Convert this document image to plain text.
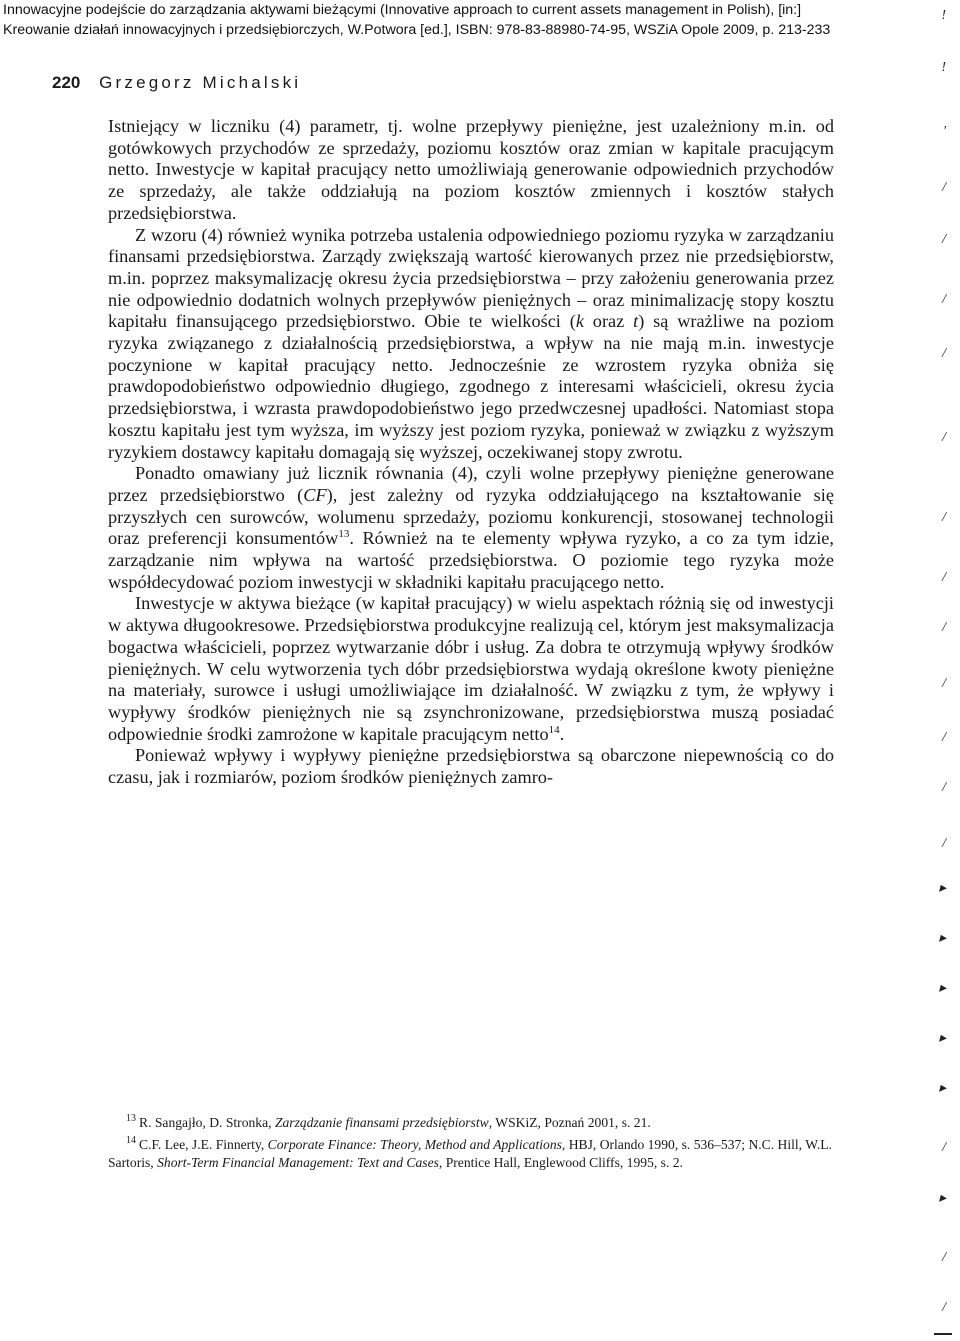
Innowacyjne podejście do zarządzania aktywami bieżącymi (Innovative approach to current assets management in Polish), [in:]
Kreowanie działań innowacyjnych i przedsiębiorczych, W.Potwora [ed.], ISBN: 978-83-88980-74-95, WSZiA Opole 2009, p. 213-233
220 Grzegorz Michalski

Istniejący w liczniku (4) parametr, tj. wolne przepływy pieniężne, jest uzależniony m.in. od gotówkowych przychodów ze sprzedaży, poziomu kosztów oraz zmian w kapitale pracującym netto. Inwestycje w kapitał pracujący netto umożliwiają generowanie odpowiednich przychodów ze sprzedaży, ale także oddziałują na poziom kosztów zmiennych i kosztów stałych przedsiębiorstwa.

Z wzoru (4) również wynika potrzeba ustalenia odpowiedniego poziomu ryzyka w zarządzaniu finansami przedsiębiorstwa. Zarządy zwiększają wartość kierowanych przez nie przedsiębiorstw, m.in. poprzez maksymalizację okresu życia przedsiębiorstwa – przy założeniu generowania przez nie odpowiednio dodatnich wolnych przepływów pieniężnych – oraz minimalizację stopy kosztu kapitału finansującego przedsiębiorstwo. Obie te wielkości (k oraz t) są wrażliwe na poziom ryzyka związanego z działalnością przedsiębiorstwa, a wpływ na nie mają m.in. inwestycje poczynione w kapitał pracujący netto. Jednocześnie ze wzrostem ryzyka obniża się prawdopodobieństwo odpowiednio długiego, zgodnego z interesami właścicieli, okresu życia przedsiębiorstwa, i wzrasta prawdopodobieństwo jego przedwczesnej upadłości. Natomiast stopa kosztu kapitału jest tym wyższa, im wyższy jest poziom ryzyka, ponieważ w związku z wyższym ryzykiem dostawcy kapitału domagają się wyższej, oczekiwanej stopy zwrotu.

Ponadto omawiany już licznik równania (4), czyli wolne przepływy pieniężne generowane przez przedsiębiorstwo (CF), jest zależny od ryzyka oddziałującego na kształtowanie się przyszłych cen surowców, wolumenu sprzedaży, poziomu konkurencji, stosowanej technologii oraz preferencji konsumentów$^{13}$. Również na te elementy wpływa ryzyko, a co za tym idzie, zarządzanie nim wpływa na wartość przedsiębiorstwa. O poziomie tego ryzyka może współdecydować poziom inwestycji w składniki kapitału pracującego netto.

Inwestycje w aktywa bieżące (w kapitał pracujący) w wielu aspektach różnią się od inwestycji w aktywa długookresowe. Przedsiębiorstwa produkcyjne realizują cel, którym jest maksymalizacja bogactwa właścicieli, poprzez wytwarzanie dóbr i usług. Za dobra te otrzymują wpływy środków pieniężnych. W celu wytworzenia tych dóbr przedsiębiorstwa wydają określone kwoty pieniężne na materiały, surowce i usługi umożliwiające im działalność. W związku z tym, że wpływy i wypływy środków pieniężnych nie są zsynchronizowane, przedsiębiorstwa muszą posiadać odpowiednie środki zamrożone w kapitale pracującym netto$^{14}$.

Ponieważ wpływy i wypływy pieniężne przedsiębiorstwa są obarczone niepewnością co do czasu, jak i rozmiarów, poziom środków pieniężnych zamro-

$^{13}$ R. Sangajło, D. Stronka, Zarządzanie finansami przedsiębiorstw, WSKiZ, Poznań 2001, s. 21.
$^{14}$ C.F. Lee, J.E. Finnerty, Corporate Finance: Theory, Method and Applications, HBJ, Orlando 1990, s. 536–537; N.C. Hill, W.L. Sartoris, Short-Term Financial Management: Text and Cases, Prentice Hall, Englewood Cliffs, 1995, s. 2.
!
!
'
/
/
/
/
/
/
/
/
/
/
/
/
▸
▸
▸
▸
▸
/
▸
/
/
